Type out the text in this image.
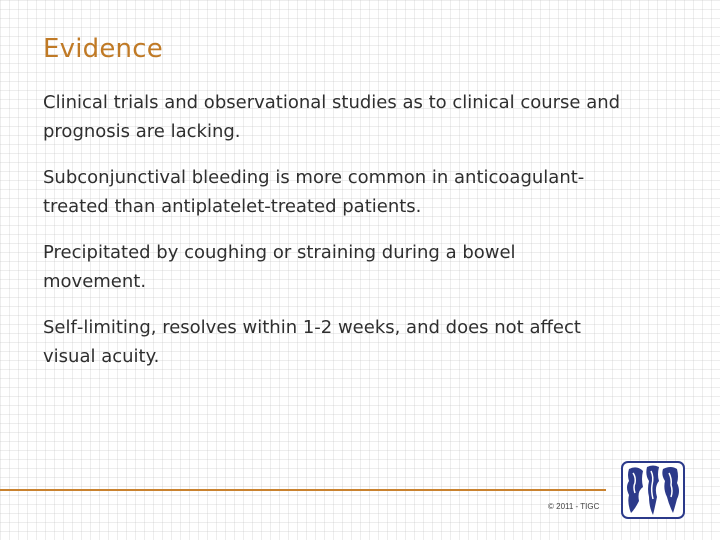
Evidence
Clinical trials and observational studies as to clinical course and prognosis are lacking.
Subconjunctival bleeding is more common in anticoagulant-treated than antiplatelet-treated patients.
Precipitated by coughing or straining during a bowel movement.
Self‑limiting, resolves within 1-2 weeks, and does not affect visual acuity.
© 2011 - TIGC
